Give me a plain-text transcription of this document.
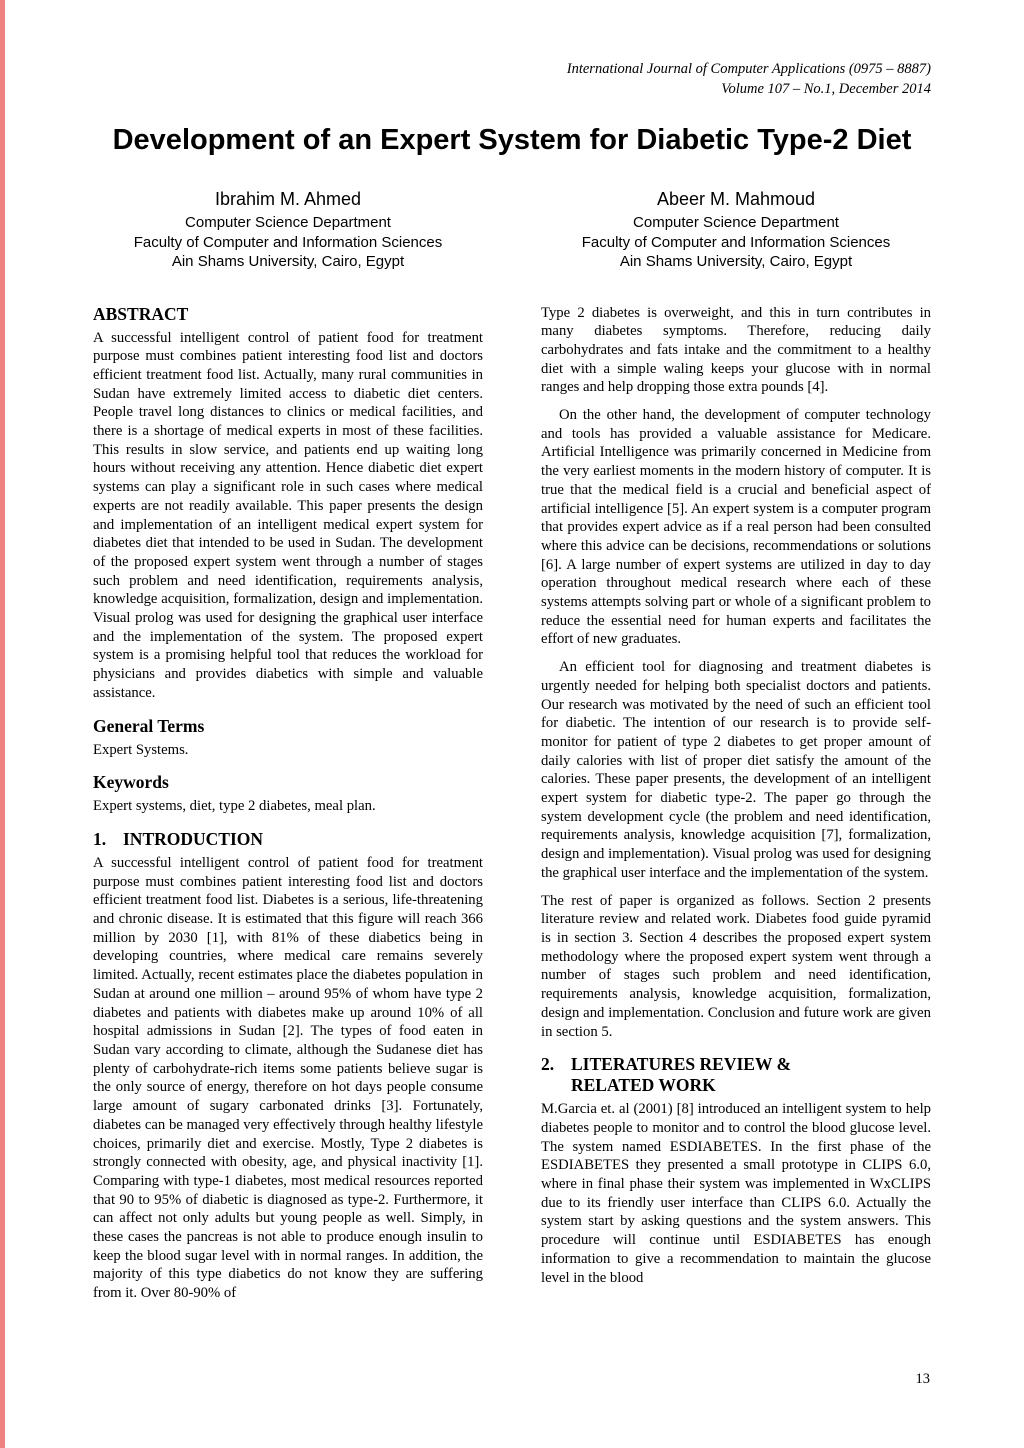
International Journal of Computer Applications (0975 – 8887)
Volume 107 – No.1, December 2014
Development of an Expert System for Diabetic Type-2 Diet
Ibrahim M. Ahmed
Computer Science Department
Faculty of Computer and Information Sciences
Ain Shams University, Cairo, Egypt
Abeer M. Mahmoud
Computer Science Department
Faculty of Computer and Information Sciences
Ain Shams University, Cairo, Egypt
ABSTRACT

A successful intelligent control of patient food for treatment purpose must combines patient interesting food list and doctors efficient treatment food list. Actually, many rural communities in Sudan have extremely limited access to diabetic diet centers. People travel long distances to clinics or medical facilities, and there is a shortage of medical experts in most of these facilities. This results in slow service, and patients end up waiting long hours without receiving any attention. Hence diabetic diet expert systems can play a significant role in such cases where medical experts are not readily available. This paper presents the design and implementation of an intelligent medical expert system for diabetes diet that intended to be used in Sudan. The development of the proposed expert system went through a number of stages such problem and need identification, requirements analysis, knowledge acquisition, formalization, design and implementation. Visual prolog was used for designing the graphical user interface and the implementation of the system. The proposed expert system is a promising helpful tool that reduces the workload for physicians and provides diabetics with simple and valuable assistance.

General Terms

Expert Systems.

Keywords

Expert systems, diet, type 2 diabetes, meal plan.

1. INTRODUCTION

A successful intelligent control of patient food for treatment purpose must combines patient interesting food list and doctors efficient treatment food list. Diabetes is a serious, life-threatening and chronic disease. It is estimated that this figure will reach 366 million by 2030 [1], with 81% of these diabetics being in developing countries, where medical care remains severely limited. Actually, recent estimates place the diabetes population in Sudan at around one million – around 95% of whom have type 2 diabetes and patients with diabetes make up around 10% of all hospital admissions in Sudan [2]. The types of food eaten in Sudan vary according to climate, although the Sudanese diet has plenty of carbohydrate-rich items some patients believe sugar is the only source of energy, therefore on hot days people consume large amount of sugary carbonated drinks [3]. Fortunately, diabetes can be managed very effectively through healthy lifestyle choices, primarily diet and exercise. Mostly, Type 2 diabetes is strongly connected with obesity, age, and physical inactivity [1]. Comparing with type-1 diabetes, most medical resources reported that 90 to 95% of diabetic is diagnosed as type-2. Furthermore, it can affect not only adults but young people as well. Simply, in these cases the pancreas is not able to produce enough insulin to keep the blood sugar level with in normal ranges. In addition, the majority of this type diabetics do not know they are suffering from it. Over 80-90% of

Type 2 diabetes is overweight, and this in turn contributes in many diabetes symptoms. Therefore, reducing daily carbohydrates and fats intake and the commitment to a healthy diet with a simple waling keeps your glucose with in normal ranges and help dropping those extra pounds [4].

On the other hand, the development of computer technology and tools has provided a valuable assistance for Medicare. Artificial Intelligence was primarily concerned in Medicine from the very earliest moments in the modern history of computer. It is true that the medical field is a crucial and beneficial aspect of artificial intelligence [5]. An expert system is a computer program that provides expert advice as if a real person had been consulted where this advice can be decisions, recommendations or solutions [6]. A large number of expert systems are utilized in day to day operation throughout medical research where each of these systems attempts solving part or whole of a significant problem to reduce the essential need for human experts and facilitates the effort of new graduates.

An efficient tool for diagnosing and treatment diabetes is urgently needed for helping both specialist doctors and patients. Our research was motivated by the need of such an efficient tool for diabetic. The intention of our research is to provide self-monitor for patient of type 2 diabetes to get proper amount of daily calories with list of proper diet satisfy the amount of the calories. These paper presents, the development of an intelligent expert system for diabetic type-2. The paper go through the system development cycle (the problem and need identification, requirements analysis, knowledge acquisition [7], formalization, design and implementation). Visual prolog was used for designing the graphical user interface and the implementation of the system.

The rest of paper is organized as follows. Section 2 presents literature review and related work. Diabetes food guide pyramid is in section 3. Section 4 describes the proposed expert system methodology where the proposed expert system went through a number of stages such problem and need identification, requirements analysis, knowledge acquisition, formalization, design and implementation. Conclusion and future work are given in section 5.

2. LITERATURES REVIEW & RELATED WORK

M.Garcia et. al (2001) [8] introduced an intelligent system to help diabetes people to monitor and to control the blood glucose level. The system named ESDIABETES. In the first phase of the ESDIABETES they presented a small prototype in CLIPS 6.0, where in final phase their system was implemented in WxCLIPS due to its friendly user interface than CLIPS 6.0. Actually the system start by asking questions and the system answers. This procedure will continue until ESDIABETES has enough information to give a recommendation to maintain the glucose level in the blood

13
